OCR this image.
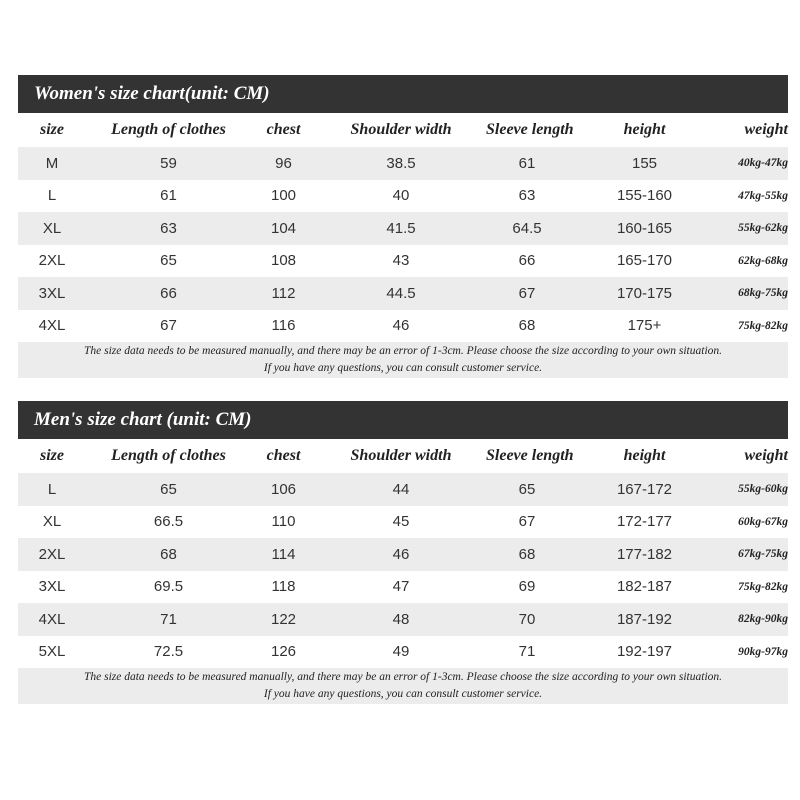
Women's size chart(unit: CM)
size	Length of clothes	chest	Shoulder width	Sleeve length	height	weight
M	59	96	38.5	61	155	40kg-47kg
L	61	100	40	63	155-160	47kg-55kg
XL	63	104	41.5	64.5	160-165	55kg-62kg
2XL	65	108	43	66	165-170	62kg-68kg
3XL	66	112	44.5	67	170-175	68kg-75kg
4XL	67	116	46	68	175+	75kg-82kg
The size data needs to be measured manually, and there may be an error of 1-3cm. Please choose the size according to your own situation.
If you have any questions, you can consult customer service.
Men's size chart (unit: CM)
size	Length of clothes	chest	Shoulder width	Sleeve length	height	weight
L	65	106	44	65	167-172	55kg-60kg
XL	66.5	110	45	67	172-177	60kg-67kg
2XL	68	114	46	68	177-182	67kg-75kg
3XL	69.5	118	47	69	182-187	75kg-82kg
4XL	71	122	48	70	187-192	82kg-90kg
5XL	72.5	126	49	71	192-197	90kg-97kg
The size data needs to be measured manually, and there may be an error of 1-3cm. Please choose the size according to your own situation.
If you have any questions, you can consult customer service.
